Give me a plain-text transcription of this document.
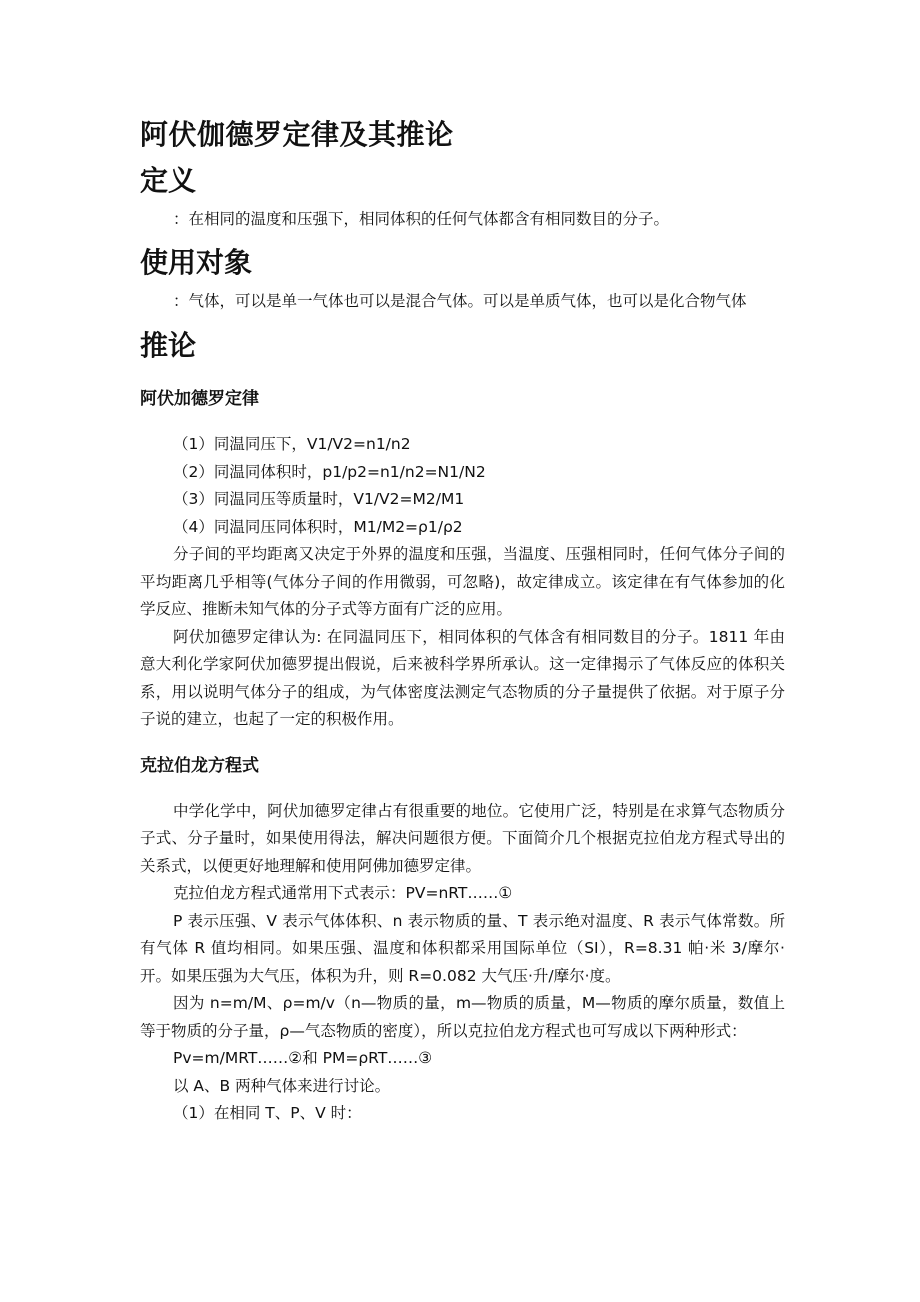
阿伏伽德罗定律及其推论
定义

：在相同的温度和压强下，相同体积的任何气体都含有相同数目的分子。

使用对象

：气体，可以是单一气体也可以是混合气体。可以是单质气体，也可以是化合物气体

推论
阿伏加德罗定律

（1）同温同压下，V1/V2=n1/n2

（2）同温同体积时，p1/p2=n1/n2=N1/N2

（3）同温同压等质量时，V1/V2=M2/M1

（4）同温同压同体积时，M1/M2=ρ1/ρ2

分子间的平均距离又决定于外界的温度和压强，当温度、压强相同时，任何气体分子间的平均距离几乎相等(气体分子间的作用微弱，可忽略)，故定律成立。该定律在有气体参加的化学反应、推断未知气体的分子式等方面有广泛的应用。

阿伏加德罗定律认为: 在同温同压下，相同体积的气体含有相同数目的分子。1811 年由意大利化学家阿伏加德罗提出假说，后来被科学界所承认。这一定律揭示了气体反应的体积关系，用以说明气体分子的组成，为气体密度法测定气态物质的分子量提供了依据。对于原子分子说的建立，也起了一定的积极作用。

克拉伯龙方程式

中学化学中，阿伏加德罗定律占有很重要的地位。它使用广泛，特别是在求算气态物质分子式、分子量时，如果使用得法，解决问题很方便。下面简介几个根据克拉伯龙方程式导出的关系式，以便更好地理解和使用阿佛加德罗定律。

克拉伯龙方程式通常用下式表示：PV=nRT……①

P 表示压强、V 表示气体体积、n 表示物质的量、T 表示绝对温度、R 表示气体常数。所有气体 R 值均相同。如果压强、温度和体积都采用国际单位（SI），R=8.31 帕·米 3/摩尔·开。如果压强为大气压，体积为升，则 R=0.082 大气压·升/摩尔·度。

因为 n=m/M、ρ=m/v（n—物质的量，m—物质的质量，M—物质的摩尔质量，数值上等于物质的分子量，ρ—气态物质的密度），所以克拉伯龙方程式也可写成以下两种形式：

Pv=m/MRT……②和 PM=ρRT……③

以 A、B 两种气体来进行讨论。

（1）在相同 T、P、V 时：
